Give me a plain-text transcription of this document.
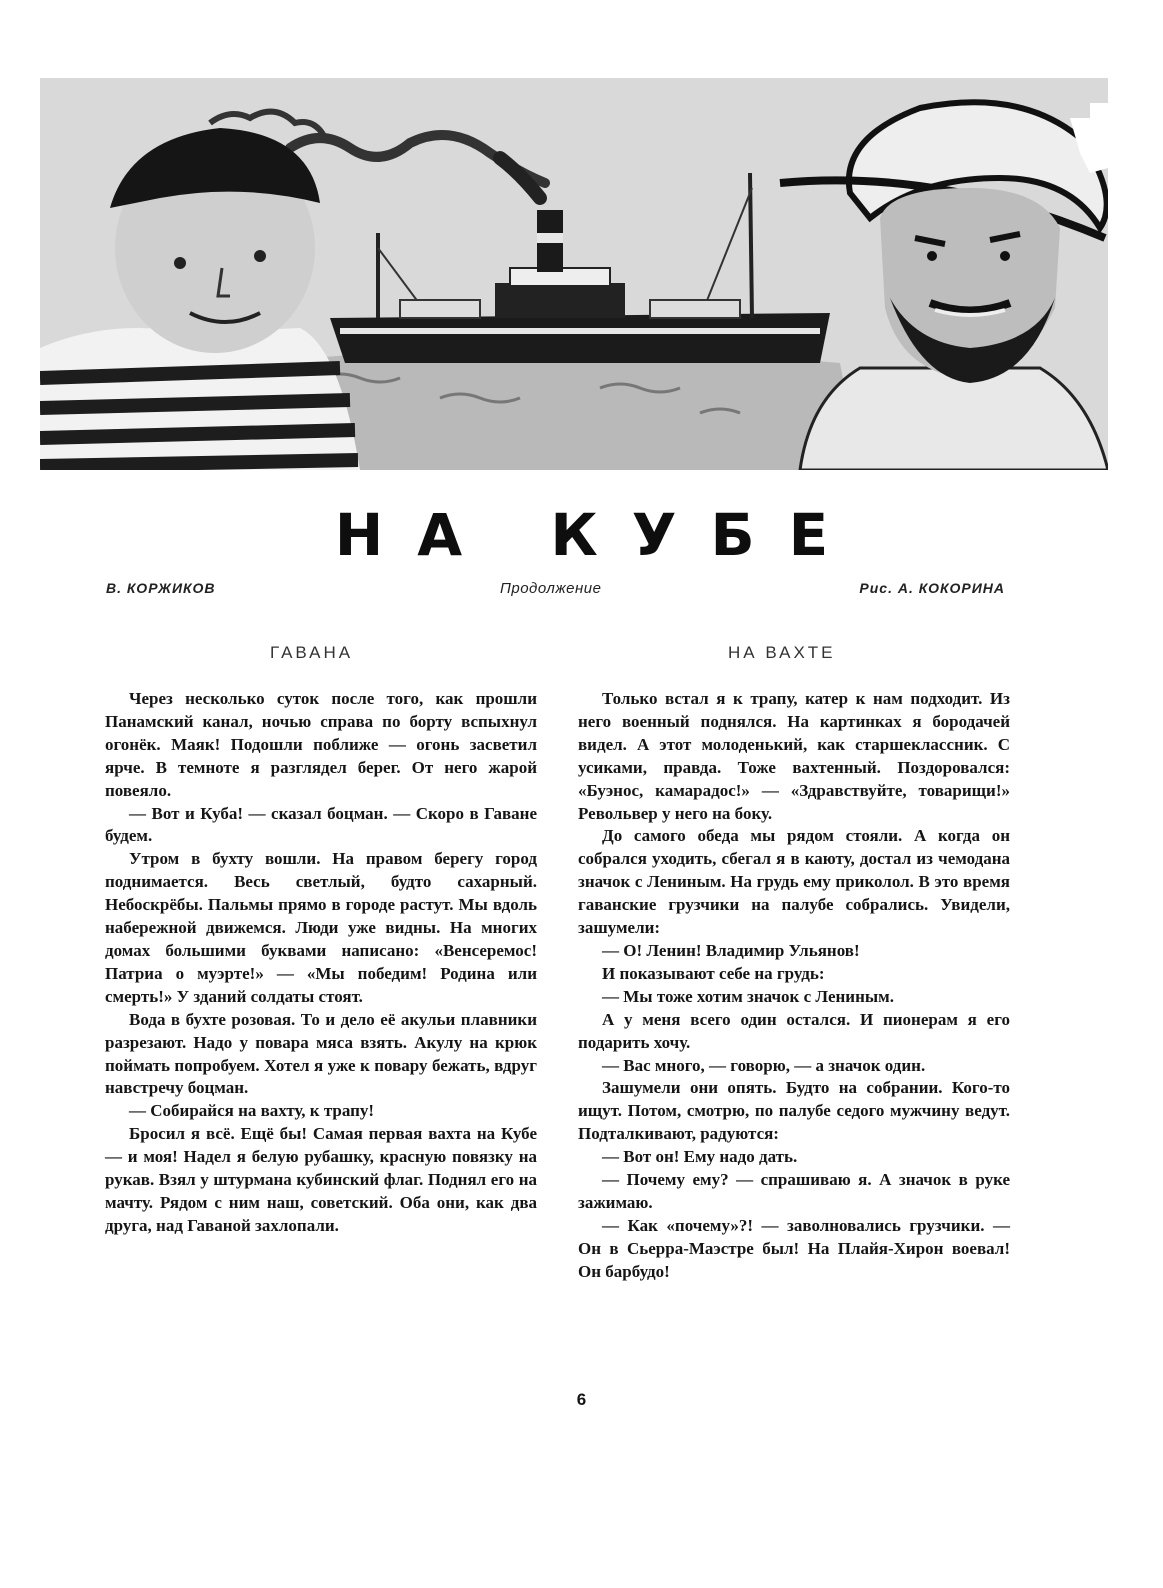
НА КУБЕ
В. КОРЖИКОВ	Продолжение	Рис. А. КОКОРИНА
ГАВАНА	НА ВАХТЕ

Через несколько суток после того, как прошли Панамский канал, ночью справа по борту вспыхнул огонёк. Маяк! Подошли поближе — огонь засветил ярче. В темноте я разглядел берег. От него жарой повеяло.

— Вот и Куба! — сказал боцман. — Скоро в Гаване будем.

Утром в бухту вошли. На правом берегу город поднимается. Весь светлый, будто сахарный. Небоскрёбы. Пальмы прямо в городе растут. Мы вдоль набережной движемся. Люди уже видны. На многих домах большими буквами написано: «Венсеремос! Патриа о муэрте!» — «Мы победим! Родина или смерть!» У зданий солдаты стоят.

Вода в бухте розовая. То и дело её акульи плавники разрезают. Надо у повара мяса взять. Акулу на крюк поймать попробуем. Хотел я уже к повару бежать, вдруг навстречу боцман.

— Собирайся на вахту, к трапу!

Бросил я всё. Ещё бы! Самая первая вахта на Кубе — и моя! Надел я белую рубашку, красную повязку на рукав. Взял у штурмана кубинский флаг. Поднял его на мачту. Рядом с ним наш, советский. Оба они, как два друга, над Гаваной захлопали.

Только встал я к трапу, катер к нам подходит. Из него военный поднялся. На картинках я бородачей видел. А этот молоденький, как старшеклассник. С усиками, правда. Тоже вахтенный. Поздоровался: «Буэнос, камарадос!» — «Здравствуйте, товарищи!» Револьвер у него на боку.

До самого обеда мы рядом стояли. А когда он собрался уходить, сбегал я в каюту, достал из чемодана значок с Лениным. На грудь ему приколол. В это время гаванские грузчики на палубе собрались. Увидели, зашумели:

— О! Ленин! Владимир Ульянов!

И показывают себе на грудь:

— Мы тоже хотим значок с Лениным.

А у меня всего один остался. И пионерам я его подарить хочу.

— Вас много, — говорю, — а значок один.

Зашумели они опять. Будто на собрании. Кого-то ищут. Потом, смотрю, по палубе седого мужчину ведут. Подталкивают, радуются:

— Вот он! Ему надо дать.

— Почему ему? — спрашиваю я. А значок в руке зажимаю.

— Как «почему»?! — заволновались грузчики. — Он в Сьерра-Маэстре был! На Плайя-Хирон воевал! Он барбудо!

6
